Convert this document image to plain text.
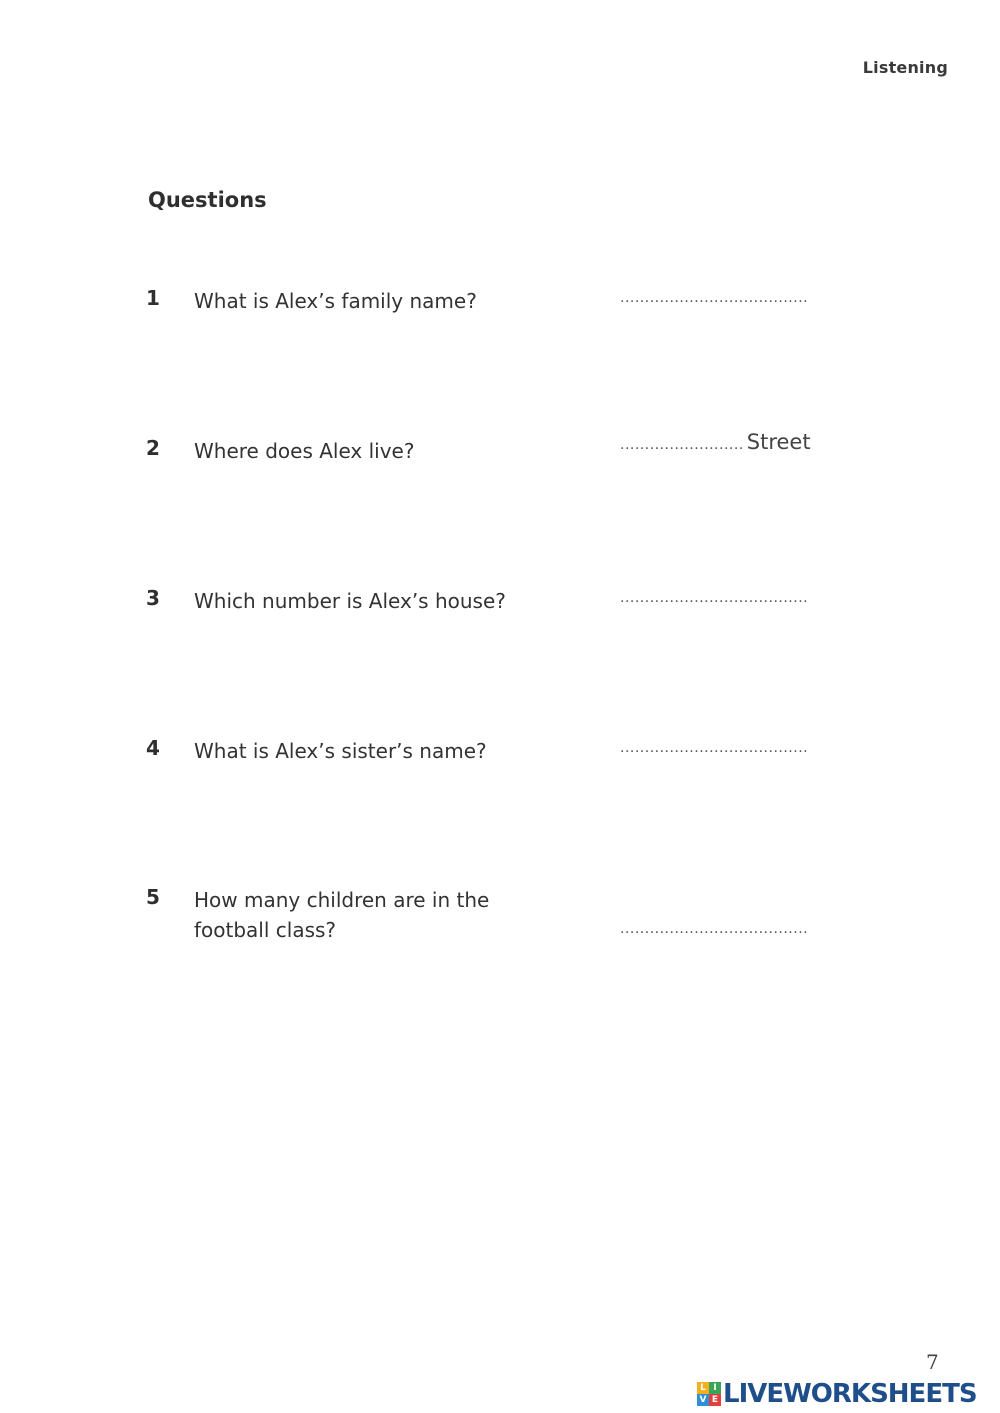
Listening
Questions
1 What is Alex’s family name?	......................................
2 Where does Alex live?	......................... Street
3 Which number is Alex’s house?	......................................
4 What is Alex’s sister’s name?	......................................
5 How many children are in the football class?	......................................
7
L I
V E LIVEWORKSHEETS
